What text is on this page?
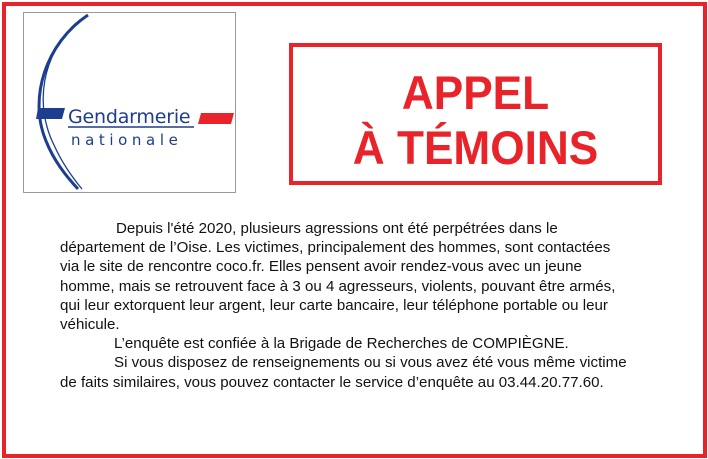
Gendarmerie
nationale
APPEL
À TÉMOINS
Depuis l'été 2020, plusieurs agressions ont été perpétrées dans le
département de l’Oise. Les victimes, principalement des hommes, sont contactées
via le site de rencontre coco.fr. Elles pensent avoir rendez-vous avec un jeune
homme, mais se retrouvent face à 3 ou 4 agresseurs, violents, pouvant être armés,
qui leur extorquent leur argent, leur carte bancaire, leur téléphone portable ou leur
véhicule.
L’enquête est confiée à la Brigade de Recherches de COMPIÈGNE.
Si vous disposez de renseignements ou si vous avez été vous même victime
de faits similaires, vous pouvez contacter le service d’enquête au 03.44.20.77.60.
